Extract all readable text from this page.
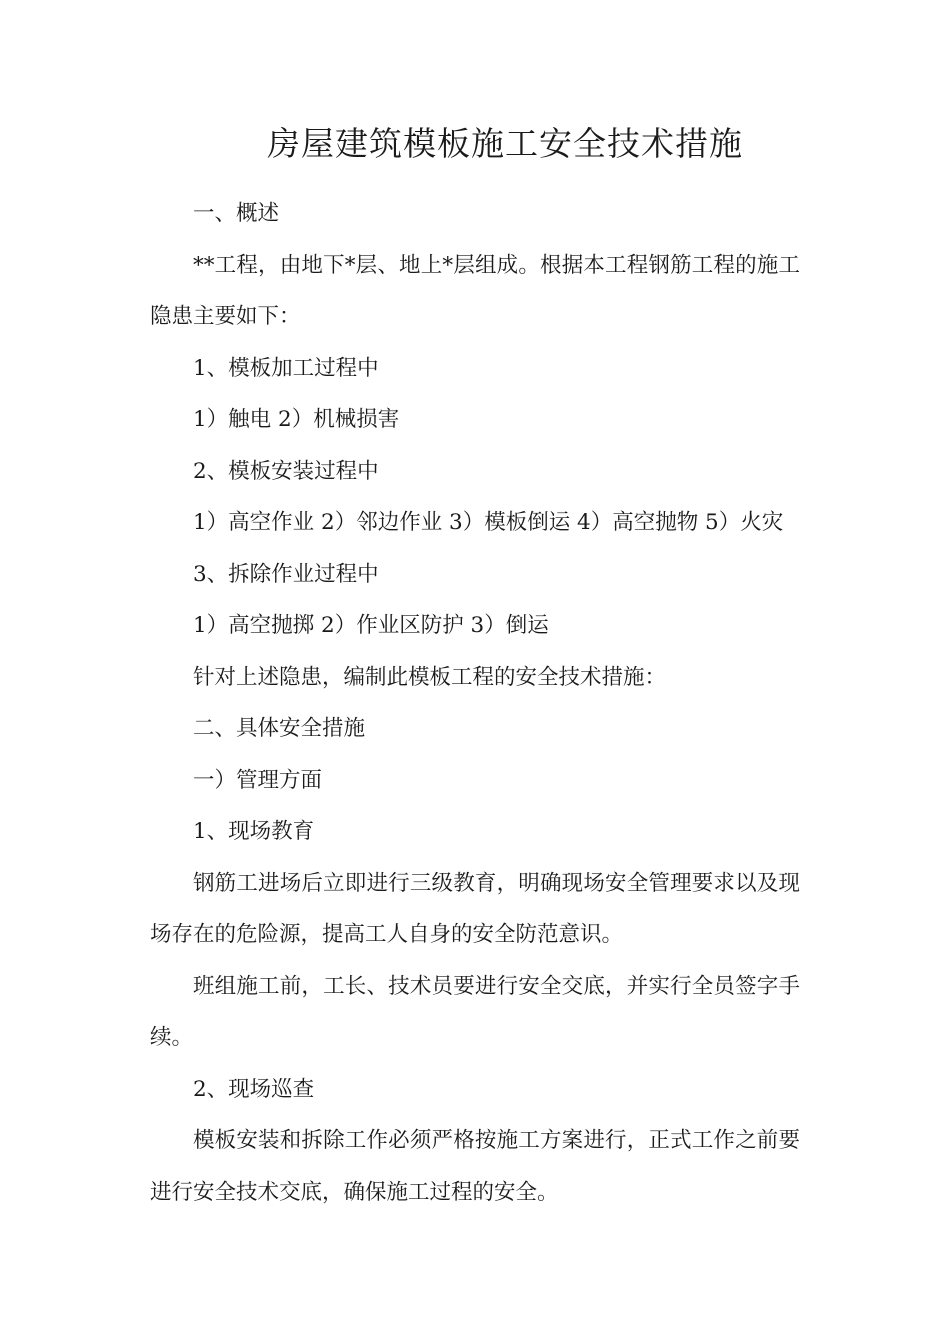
房屋建筑模板施工安全技术措施

一、概述

**工程，由地下*层、地上*层组成。根据本工程钢筋工程的施工隐患主要如下：

1、模板加工过程中

1）触电 2）机械损害

2、模板安装过程中

1）高空作业 2）邻边作业 3）模板倒运 4）高空抛物 5）火灾

3、拆除作业过程中

1）高空抛掷 2）作业区防护 3）倒运

针对上述隐患，编制此模板工程的安全技术措施：

二、具体安全措施

一）管理方面

1、现场教育

钢筋工进场后立即进行三级教育，明确现场安全管理要求以及现场存在的危险源，提高工人自身的安全防范意识。

班组施工前，工长、技术员要进行安全交底，并实行全员签字手续。

2、现场巡查

模板安装和拆除工作必须严格按施工方案进行，正式工作之前要进行安全技术交底，确保施工过程的安全。
